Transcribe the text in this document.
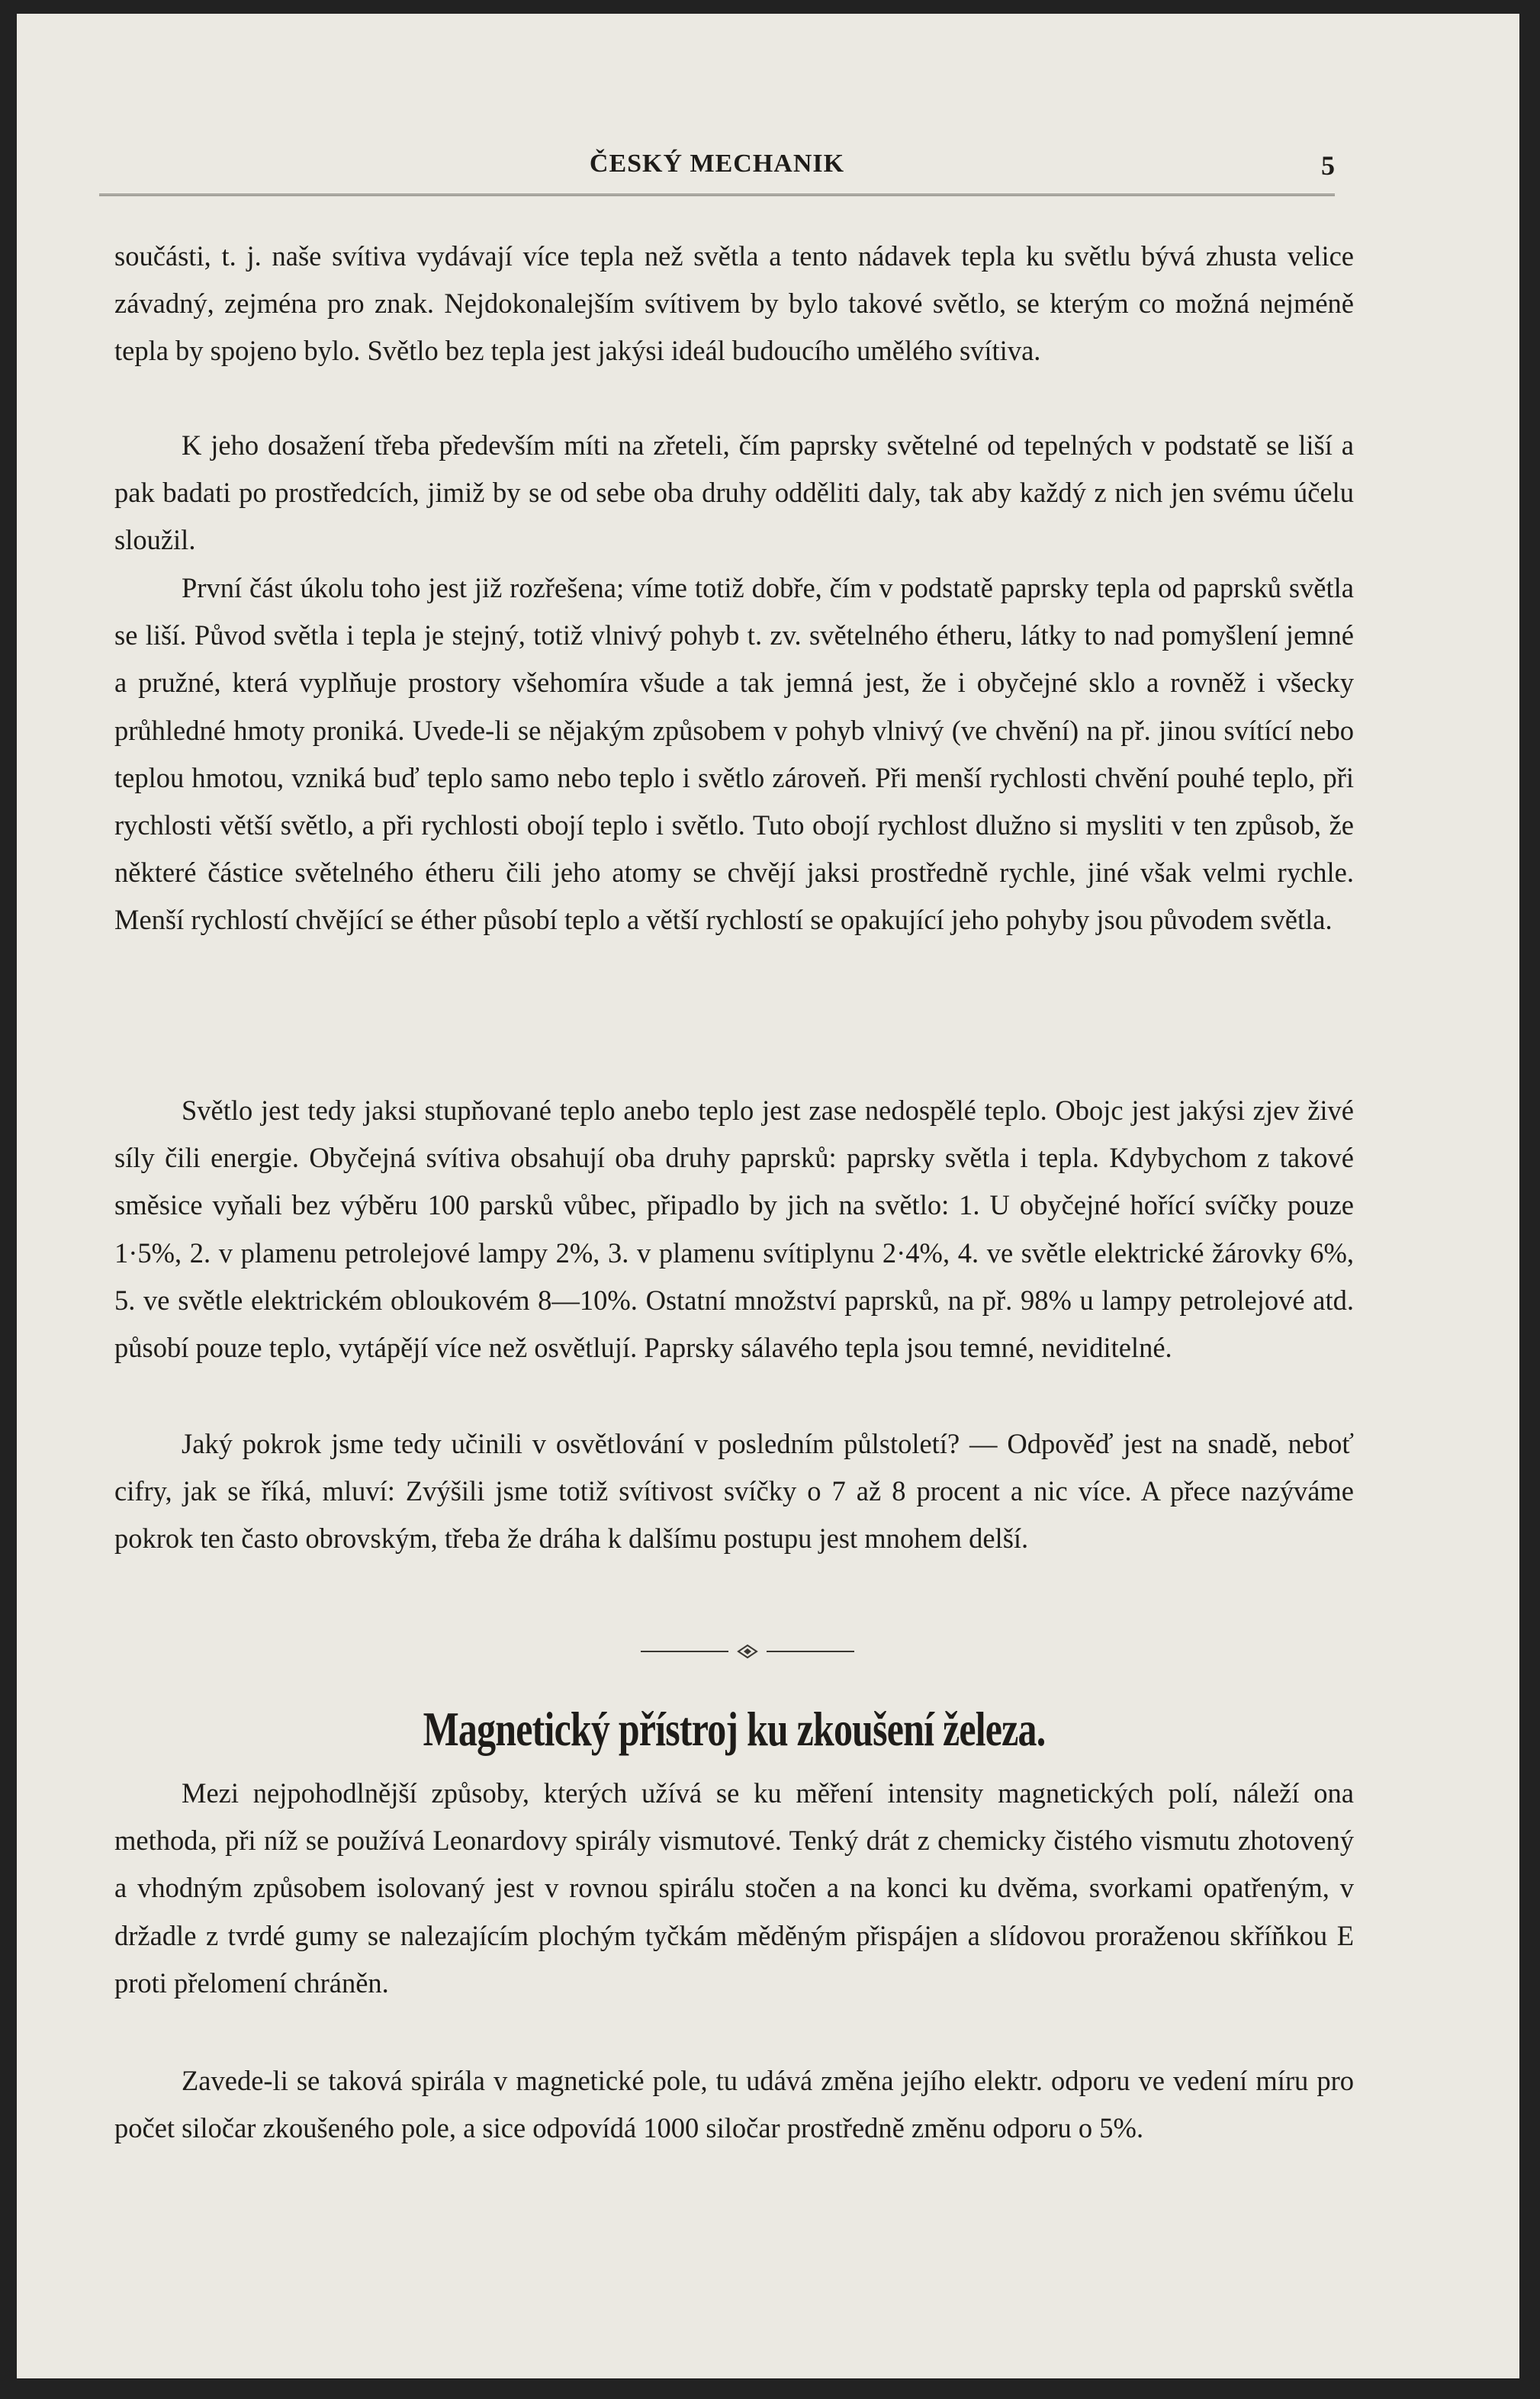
ČESKÝ MECHANIK	5

součásti, t. j. naše svítiva vydávají více tepla než světla a tento nádavek tepla ku světlu bývá zhusta velice závadný, zejména pro znak. Nejdokonalejším svítivem by bylo takové světlo, se kterým co možná nejméně tepla by spojeno bylo. Světlo bez tepla jest jakýsi ideál budoucího umělého svítiva.

K jeho dosažení třeba především míti na zřeteli, čím paprsky světelné od tepelných v podstatě se liší a pak badati po prostředcích, jimiž by se od sebe oba druhy odděliti daly, tak aby každý z nich jen svému účelu sloužil.

První část úkolu toho jest již rozřešena; víme totiž dobře, čím v podstatě paprsky tepla od paprsků světla se liší. Původ světla i tepla je stejný, totiž vlnivý pohyb t. zv. světelného étheru, látky to nad pomyšlení jemné a pružné, která vyplňuje prostory všehomíra všude a tak jemná jest, že i obyčejné sklo a rovněž i všecky průhledné hmoty proniká. Uvede-li se nějakým způsobem v pohyb vlnivý (ve chvění) na př. jinou svítící nebo teplou hmotou, vzniká buď teplo samo nebo teplo i světlo zároveň. Při menší rychlosti chvění pouhé teplo, při rychlosti větší světlo, a při rychlosti obojí teplo i světlo. Tuto obojí rychlost dlužno si mysliti v ten způsob, že některé částice světelného étheru čili jeho atomy se chvějí jaksi prostředně rychle, jiné však velmi rychle. Menší rychlostí chvějící se éther působí teplo a větší rychlostí se opakující jeho pohyby jsou původem světla.

Světlo jest tedy jaksi stupňované teplo anebo teplo jest zase nedospělé teplo. Obojc jest jakýsi zjev živé síly čili energie. Obyčejná svítiva obsahují oba druhy paprsků: paprsky světla i tepla. Kdybychom z takové směsice vyňali bez výběru 100 parsků vůbec, připadlo by jich na světlo: 1. U obyčejné hořící svíčky pouze 1·5%, 2. v plamenu petrolejové lampy 2%, 3. v plamenu svítiplynu 2·4%, 4. ve světle elektrické žárovky 6%, 5. ve světle elektrickém obloukovém 8—10%. Ostatní množství paprsků, na př. 98% u lampy petrolejové atd. působí pouze teplo, vytápějí více než osvětlují. Paprsky sálavého tepla jsou temné, neviditelné.

Jaký pokrok jsme tedy učinili v osvětlování v posledním půlstoletí? — Odpověď jest na snadě, neboť cifry, jak se říká, mluví: Zvýšili jsme totiž svítivost svíčky o 7 až 8 procent a nic více. A přece nazýváme pokrok ten často obrovským, třeba že dráha k dalšímu postupu jest mnohem delší.

Magnetický přístroj ku zkoušení železa.

Mezi nejpohodlnější způsoby, kterých užívá se ku měření intensity magnetických polí, náleží ona methoda, při níž se používá Leonardovy spirály vismutové. Tenký drát z chemicky čistého vismutu zhotovený a vhodným způsobem isolovaný jest v rovnou spirálu stočen a na konci ku dvěma, svorkami opatřeným, v držadle z tvrdé gumy se nalezajícím plochým tyčkám měděným přispájen a slídovou proraženou skříňkou E proti přelomení chráněn.

Zavede-li se taková spirála v magnetické pole, tu udává změna jejího elektr. odporu ve vedení míru pro počet siločar zkoušeného pole, a sice odpovídá 1000 siločar prostředně změnu odporu o 5%.
